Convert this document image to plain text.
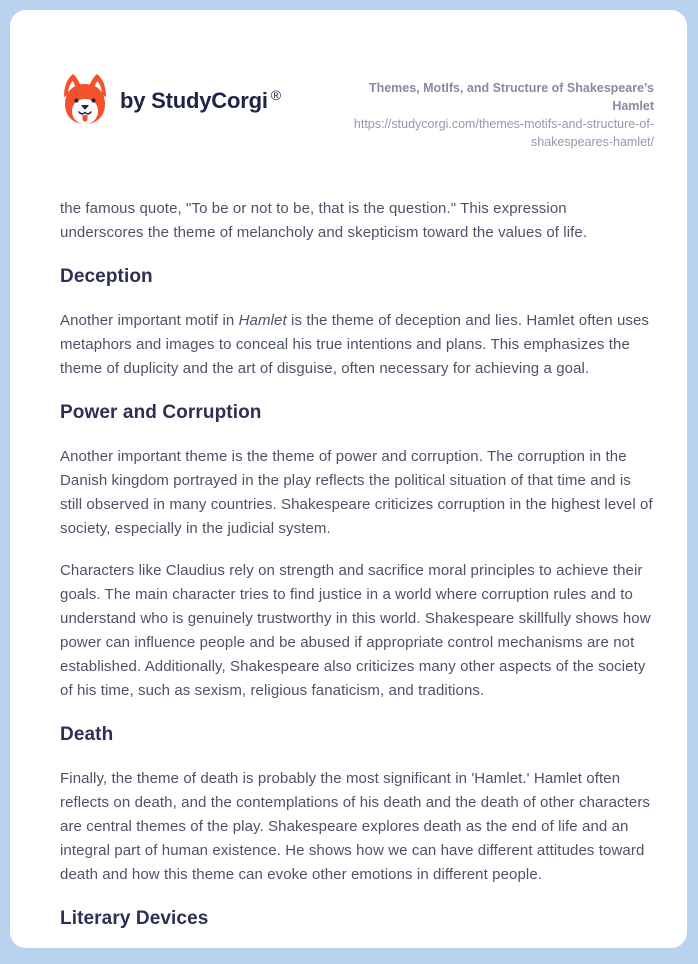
by StudyCorgi ®	Themes, MotIfs, and Structure of Shakespeare’s Hamlet
https://studycorgi.com/themes-motifs-and-structure-of-shakespeares-hamlet/

the famous quote, "To be or not to be, that is the question." This expression underscores the theme of melancholy and skepticism toward the values of life.

Deception

Another important motif in Hamlet is the theme of deception and lies. Hamlet often uses metaphors and images to conceal his true intentions and plans. This emphasizes the theme of duplicity and the art of disguise, often necessary for achieving a goal.

Power and Corruption

Another important theme is the theme of power and corruption. The corruption in the Danish kingdom portrayed in the play reflects the political situation of that time and is still observed in many countries. Shakespeare criticizes corruption in the highest level of society, especially in the judicial system.

Characters like Claudius rely on strength and sacrifice moral principles to achieve their goals. The main character tries to find justice in a world where corruption rules and to understand who is genuinely trustworthy in this world. Shakespeare skillfully shows how power can influence people and be abused if appropriate control mechanisms are not established. Additionally, Shakespeare also criticizes many other aspects of the society of his time, such as sexism, religious fanaticism, and traditions.

Death

Finally, the theme of death is probably the most significant in 'Hamlet.' Hamlet often reflects on death, and the contemplations of his death and the death of other characters are central themes of the play. Shakespeare explores death as the end of life and an integral part of human existence. He shows how we can have different attitudes toward death and how this theme can evoke other emotions in different people.

Literary Devices
